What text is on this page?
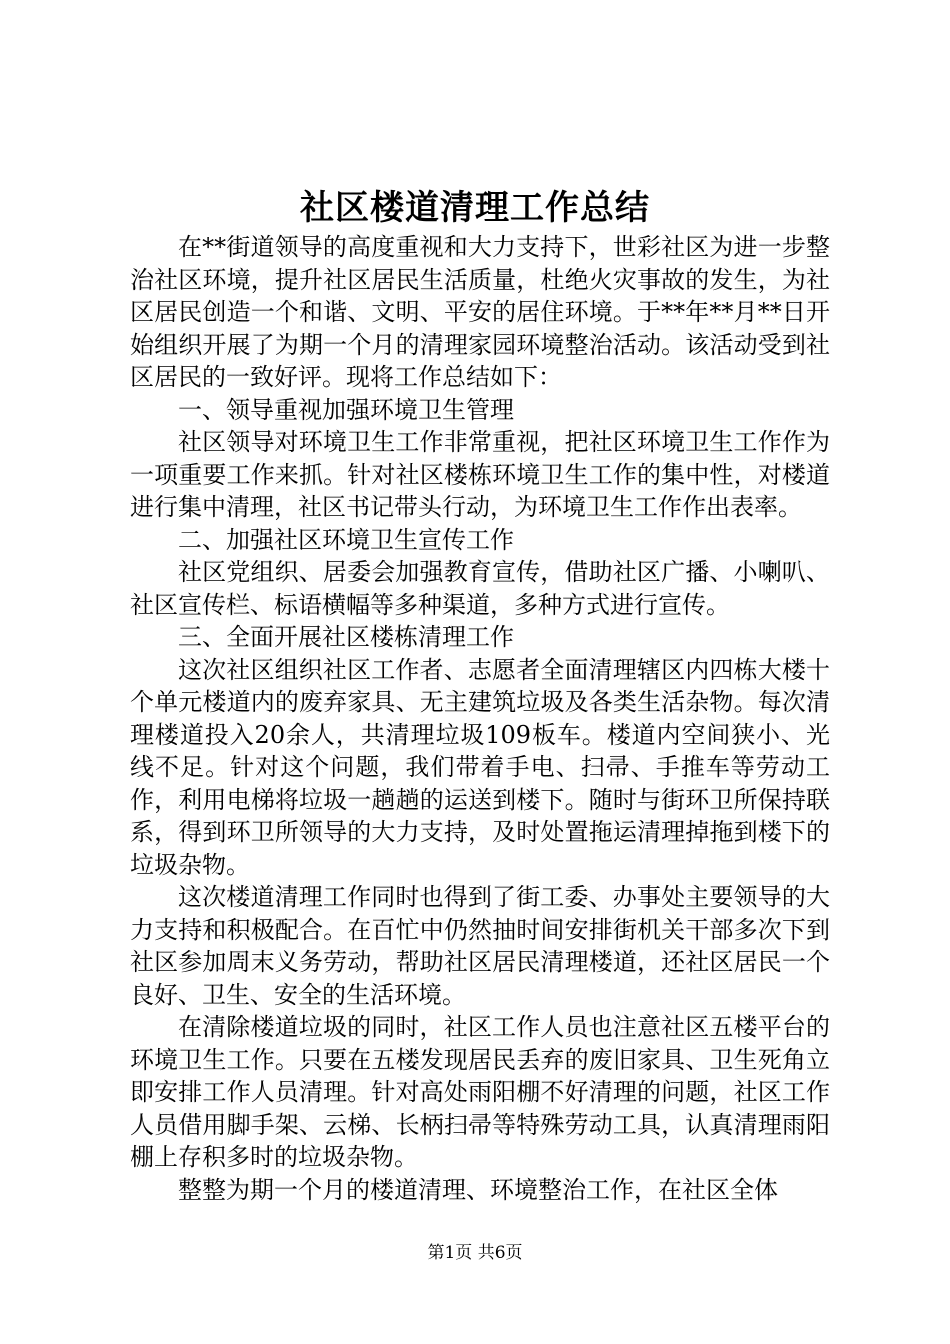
社区楼道清理工作总结

在**街道领导的高度重视和大力支持下，世彩社区为进一步整治社区环境，提升社区居民生活质量，杜绝火灾事故的发生，为社区居民创造一个和谐、文明、平安的居住环境。于**年**月**日开始组织开展了为期一个月的清理家园环境整治活动。该活动受到社区居民的一致好评。现将工作总结如下：

一、领导重视加强环境卫生管理

社区领导对环境卫生工作非常重视，把社区环境卫生工作作为一项重要工作来抓。针对社区楼栋环境卫生工作的集中性，对楼道进行集中清理，社区书记带头行动，为环境卫生工作作出表率。

二、加强社区环境卫生宣传工作

社区党组织、居委会加强教育宣传，借助社区广播、小喇叭、社区宣传栏、标语横幅等多种渠道，多种方式进行宣传。

三、全面开展社区楼栋清理工作

这次社区组织社区工作者、志愿者全面清理辖区内四栋大楼十个单元楼道内的废弃家具、无主建筑垃圾及各类生活杂物。每次清理楼道投入20余人，共清理垃圾109板车。楼道内空间狭小、光线不足。针对这个问题，我们带着手电、扫帚、手推车等劳动工作，利用电梯将垃圾一趟趟的运送到楼下。随时与街环卫所保持联系，得到环卫所领导的大力支持，及时处置拖运清理掉拖到楼下的垃圾杂物。

这次楼道清理工作同时也得到了街工委、办事处主要领导的大力支持和积极配合。在百忙中仍然抽时间安排街机关干部多次下到社区参加周末义务劳动，帮助社区居民清理楼道，还社区居民一个良好、卫生、安全的生活环境。

在清除楼道垃圾的同时，社区工作人员也注意社区五楼平台的环境卫生工作。只要在五楼发现居民丢弃的废旧家具、卫生死角立即安排工作人员清理。针对高处雨阳棚不好清理的问题，社区工作人员借用脚手架、云梯、长柄扫帚等特殊劳动工具，认真清理雨阳棚上存积多时的垃圾杂物。

整整为期一个月的楼道清理、环境整治工作，在社区全体

第1页 共6页
